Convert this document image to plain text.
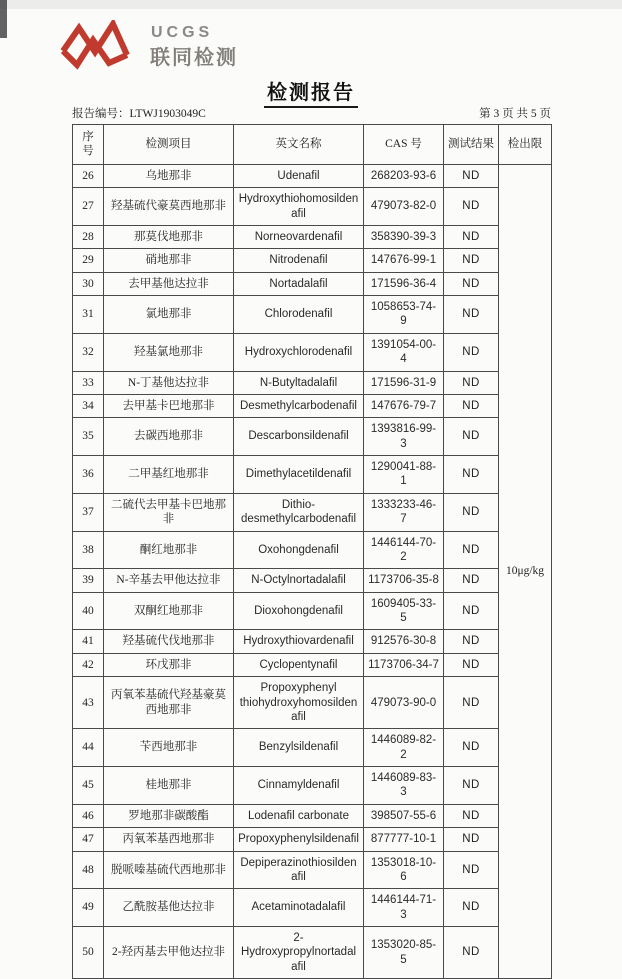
UCGS
联同检测
检测报告
报告编号：LTWJ1903049C	第 3 页 共 5 页
序号	检测项目	英文名称	CAS 号	测试结果	检出限
26	乌地那非	Udenafil	268203-93-6	ND	10μg/kg
27	羟基硫代豪莫西地那非	Hydroxythiohomosildenafil	479073-82-0	ND	
28	那莫伐地那非	Norneovardenafil	358390-39-3	ND	
29	硝地那非	Nitrodenafil	147676-99-1	ND	
30	去甲基他达拉非	Nortadalafil	171596-36-4	ND	
31	氯地那非	Chlorodenafil	1058653-74-9	ND	
32	羟基氯地那非	Hydroxychlorodenafil	1391054-00-4	ND	
33	N-丁基他达拉非	N-Butyltadalafil	171596-31-9	ND	
34	去甲基卡巴地那非	Desmethylcarbodenafil	147676-79-7	ND	
35	去碳西地那非	Descarbonsildenafil	1393816-99-3	ND	
36	二甲基红地那非	Dimethylacetildenafil	1290041-88-1	ND	
37	二硫代去甲基卡巴地那非	Dithio-desmethylcarbodenafil	1333233-46-7	ND	
38	酮红地那非	Oxohongdenafil	1446144-70-2	ND	
39	N-辛基去甲他达拉非	N-Octylnortadalafil	1173706-35-8	ND	
40	双酮红地那非	Dioxohongdenafil	1609405-33-5	ND	
41	羟基硫代伐地那非	Hydroxythiovardenafil	912576-30-8	ND	
42	环戊那非	Cyclopentynafil	1173706-34-7	ND	
43	丙氧苯基硫代羟基豪莫西地那非	Propoxyphenyl thiohydroxyhomosildenafil	479073-90-0	ND	
44	苄西地那非	Benzylsildenafil	1446089-82-2	ND	
45	桂地那非	Cinnamyldenafil	1446089-83-3	ND	
46	罗地那非碳酸酯	Lodenafil carbonate	398507-55-6	ND	
47	丙氧苯基西地那非	Propoxyphenylsildenafil	877777-10-1	ND	
48	脱哌嗪基硫代西地那非	Depiperazinothiosildenafil	1353018-10-6	ND	
49	乙酰胺基他达拉非	Acetaminotadalafil	1446144-71-3	ND	
50	2-羟丙基去甲他达拉非	2-Hydroxypropylnortadalafil	1353020-85-5	ND	
